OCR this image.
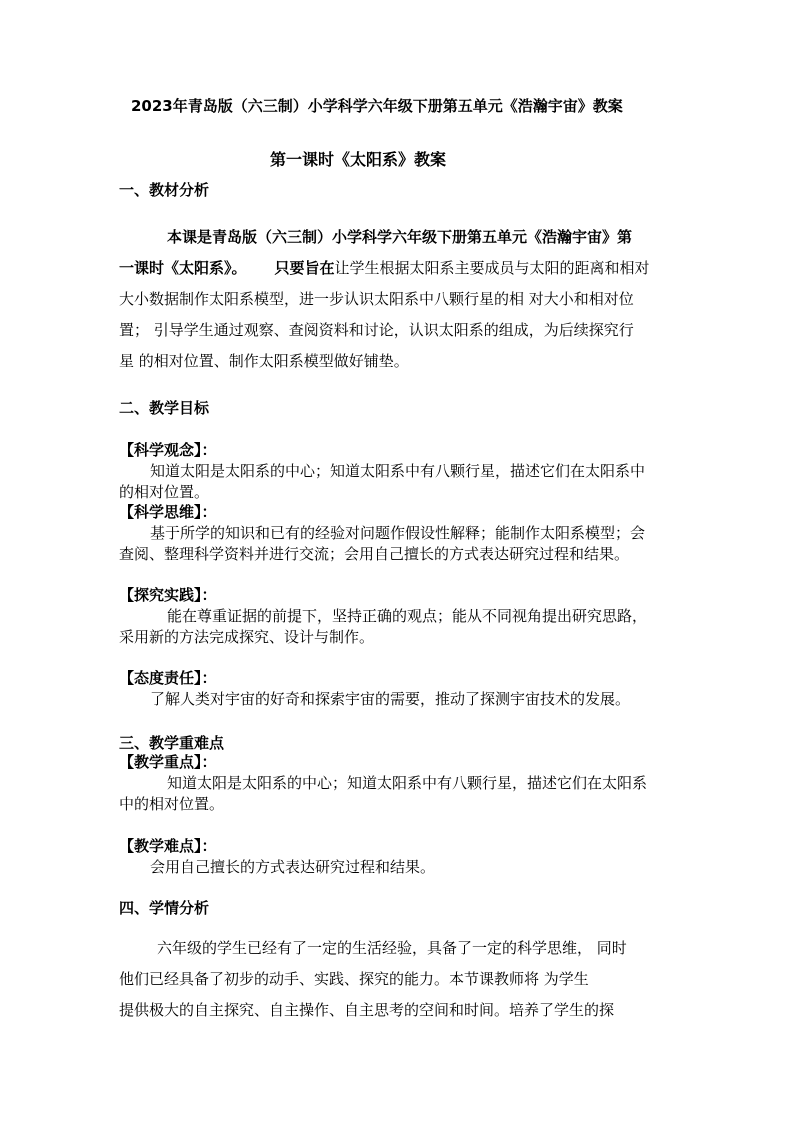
2023年青岛版（六三制）小学科学六年级下册第五单元《浩瀚宇宙》教案
第一课时《太阳系》教案
一、教材分析
本课是青岛版（六三制）小学科学六年级下册第五单元《浩瀚宇宙》第
一课时《太阳系》。 只要旨在让学生根据太阳系主要成员与太阳的距离和相对
大小数据制作太阳系模型，进一步认识太阳系中八颗行星的相 对大小和相对位
置； 引导学生通过观察、查阅资料和讨论，认识太阳系的组成，为后续探究行
星 的相对位置、制作太阳系模型做好铺垫。
二、教学目标
【科学观念】：
知道太阳是太阳系的中心；知道太阳系中有八颗行星，描述它们在太阳系中
的相对位置。
【科学思维】：
基于所学的知识和已有的经验对问题作假设性解释；能制作太阳系模型；会
查阅、整理科学资料并进行交流；会用自己擅长的方式表达研究过程和结果。
【探究实践】：
能在尊重证据的前提下，坚持正确的观点；能从不同视角提出研究思路，
采用新的方法完成探究、设计与制作。
【态度责任】：
了解人类对宇宙的好奇和探索宇宙的需要，推动了探测宇宙技术的发展。
三、教学重难点
【教学重点】：
知道太阳是太阳系的中心；知道太阳系中有八颗行星，描述它们在太阳系
中的相对位置。
【教学难点】：
会用自己擅长的方式表达研究过程和结果。
四、学情分析
六年级的学生已经有了一定的生活经验，具备了一定的科学思维， 同时
他们已经具备了初步的动手、实践、探究的能力。本节课教师将 为学生
提供极大的自主探究、自主操作、自主思考的空间和时间。培养了学生的探
